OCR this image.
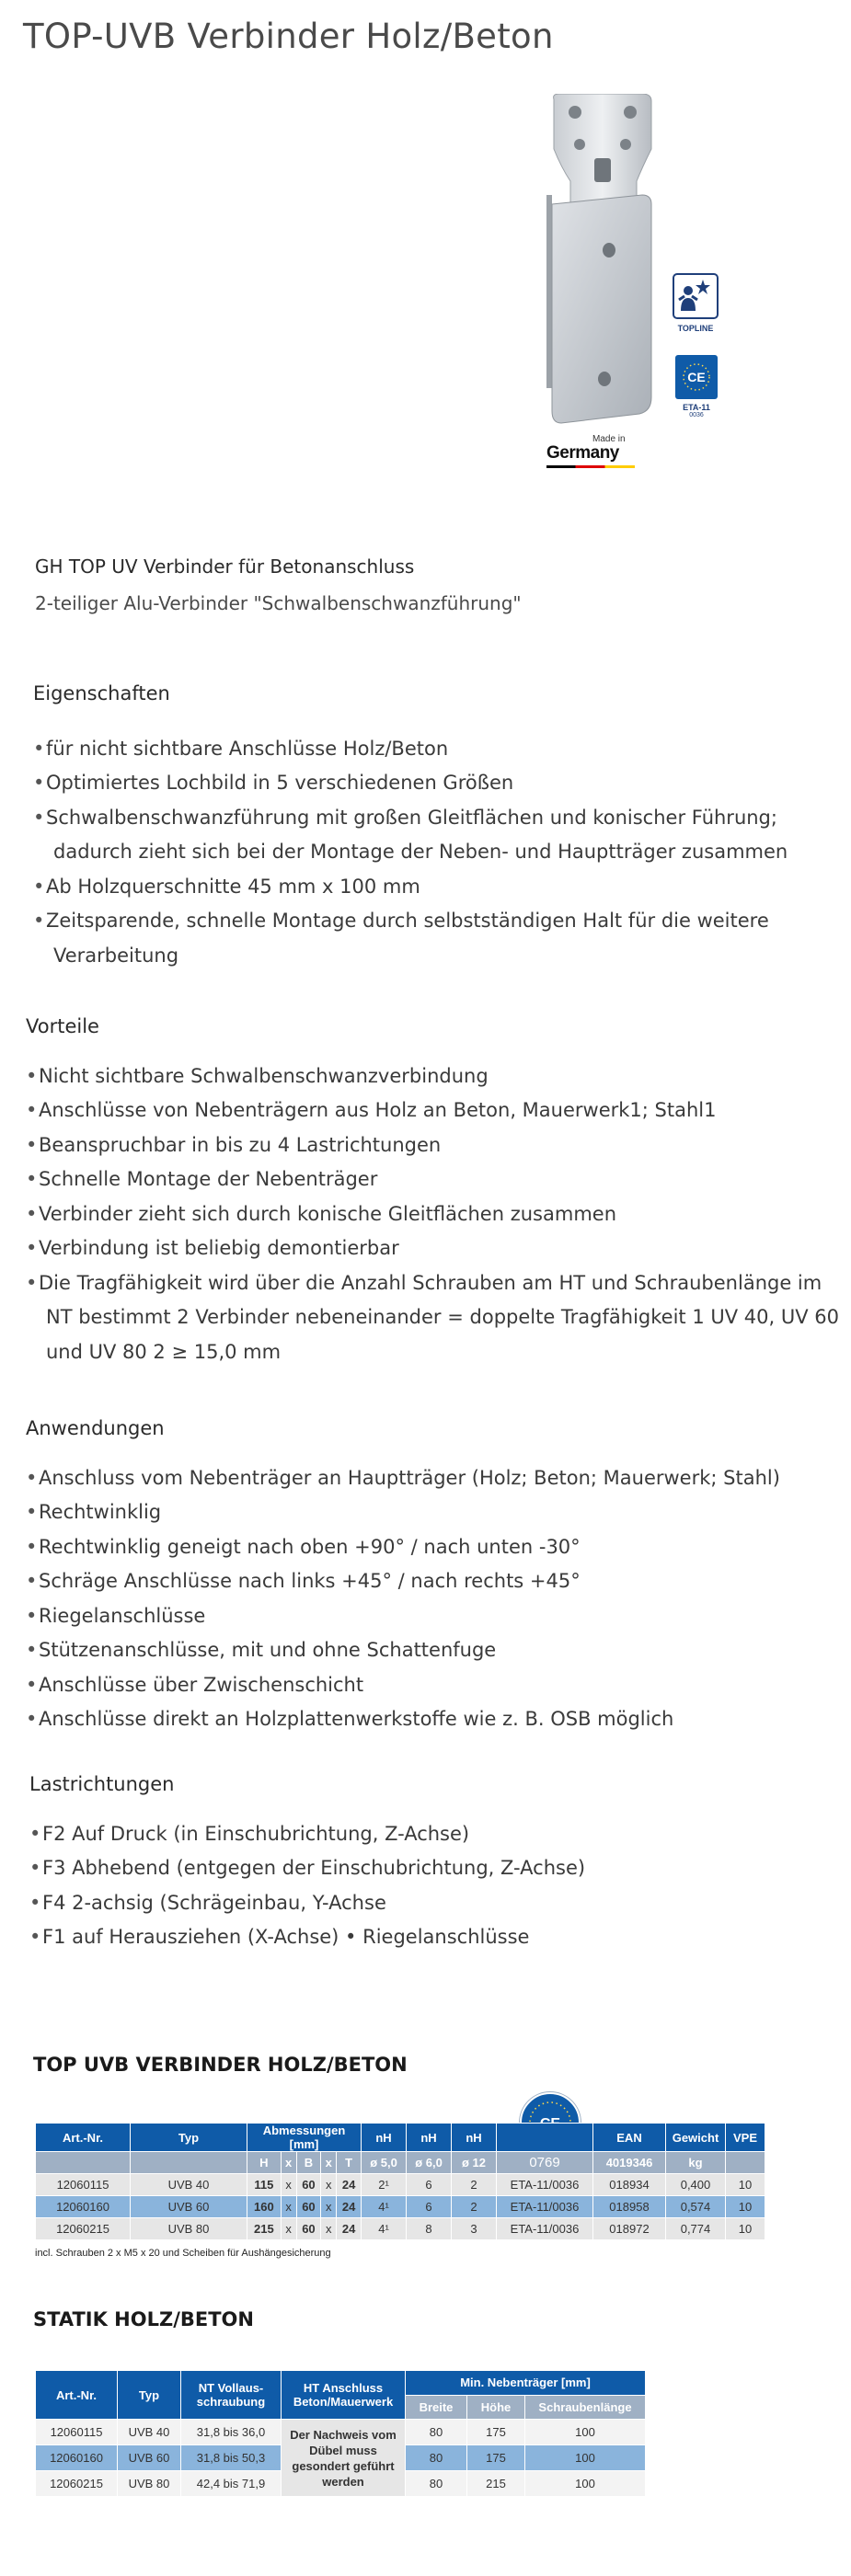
TOP-UVB Verbinder Holz/Beton
TOPLINE
CE
ETA-11
0036
Made in
Germany
GH TOP UV Verbinder für Betonanschluss
2-teiliger Alu-Verbinder "Schwalbenschwanzführung"
Eigenschaften
• für nicht sichtbare Anschlüsse Holz/Beton
• Optimiertes Lochbild in 5 verschiedenen Größen
• Schwalbenschwanzführung mit großen Gleitflächen und konischer Führung;
dadurch zieht sich bei der Montage der Neben- und Hauptträger zusammen
• Ab Holzquerschnitte 45 mm x 100 mm
• Zeitsparende, schnelle Montage durch selbstständigen Halt für die weitere
Verarbeitung
Vorteile
• Nicht sichtbare Schwalbenschwanzverbindung
• Anschlüsse von Nebenträgern aus Holz an Beton, Mauerwerk1; Stahl1
• Beanspruchbar in bis zu 4 Lastrichtungen
• Schnelle Montage der Nebenträger
• Verbinder zieht sich durch konische Gleitflächen zusammen
• Verbindung ist beliebig demontierbar
• Die Tragfähigkeit wird über die Anzahl Schrauben am HT und Schraubenlänge im
NT bestimmt 2 Verbinder nebeneinander = doppelte Tragfähigkeit 1 UV 40, UV 60
und UV 80 2 ≥ 15,0 mm
Anwendungen
• Anschluss vom Nebenträger an Hauptträger (Holz; Beton; Mauerwerk; Stahl)
• Rechtwinklig
• Rechtwinklig geneigt nach oben +90° / nach unten -30°
• Schräge Anschlüsse nach links +45° / nach rechts +45°
• Riegelanschlüsse
• Stützenanschlüsse, mit und ohne Schattenfuge
• Anschlüsse über Zwischenschicht
• Anschlüsse direkt an Holzplattenwerkstoffe wie z. B. OSB möglich
Lastrichtungen
• F2 Auf Druck (in Einschubrichtung, Z-Achse)
• F3 Abhebend (entgegen der Einschubrichtung, Z-Achse)
• F4 2-achsig (Schrägeinbau, Y-Achse
• F1 auf Herausziehen (X-Achse) • Riegelanschlüsse
TOP UVB VERBINDER HOLZ/BETON
CE
Art.-Nr.	Typ	Abmessungen [mm]					nH	nH	nH		EAN	Gewicht	VPE
		H	x	B	x	T	ø 5,0	ø 6,0	ø 12	0769	4019346	kg	
12060115	UVB 40	115	x	60	x	24	2¹	6	2	ETA-11/0036	018934	0,400	10
12060160	UVB 60	160	x	60	x	24	4¹	6	2	ETA-11/0036	018958	0,574	10
12060215	UVB 80	215	x	60	x	24	4¹	8	3	ETA-11/0036	018972	0,774	10
incl. Schrauben 2 x M5 x 20 und Scheiben für Aushängesicherung
STATIK HOLZ/BETON
Art.-Nr.	Typ	NT Vollaus-schraubung	HT Anschluss Beton/Mauerwerk	Min. Nebenträger [mm]		
				Breite	Höhe	Schraubenlänge
12060115	UVB 40	31,8 bis 36,0	Der Nachweis vom Dübel muss gesondert geführt werden	80	175	100
12060160	UVB 60	31,8 bis 50,3		80	175	100
12060215	UVB 80	42,4 bis 71,9		80	215	100
